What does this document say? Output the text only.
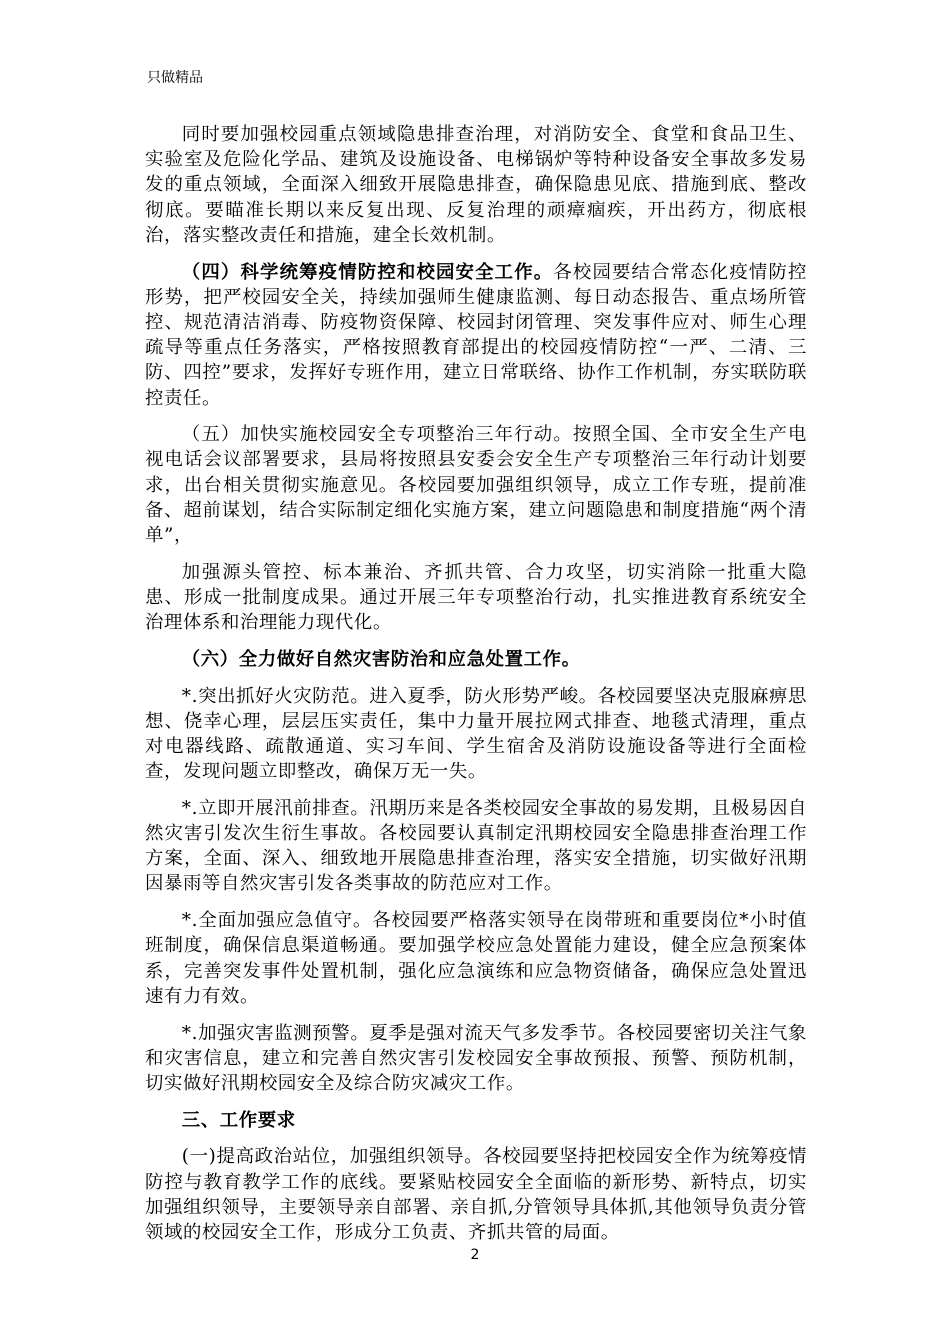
只做精品

同时要加强校园重点领域隐患排查治理，对消防安全、食堂和食品卫生、实验室及危险化学品、建筑及设施设备、电梯锅炉等特种设备安全事故多发易发的重点领域，全面深入细致开展隐患排查，确保隐患见底、措施到底、整改彻底。要瞄准长期以来反复出现、反复治理的顽瘴痼疾，开出药方，彻底根治，落实整改责任和措施，建全长效机制。

（四）科学统筹疫情防控和校园安全工作。各校园要结合常态化疫情防控形势，把严校园安全关，持续加强师生健康监测、每日动态报告、重点场所管控、规范清洁消毒、防疫物资保障、校园封闭管理、突发事件应对、师生心理疏导等重点任务落实，严格按照教育部提出的校园疫情防控“一严、二清、三防、四控”要求，发挥好专班作用，建立日常联络、协作工作机制，夯实联防联控责任。

（五）加快实施校园安全专项整治三年行动。按照全国、全市安全生产电视电话会议部署要求，县局将按照县安委会安全生产专项整治三年行动计划要求，出台相关贯彻实施意见。各校园要加强组织领导，成立工作专班，提前准备、超前谋划，结合实际制定细化实施方案，建立问题隐患和制度措施“两个清单”，

加强源头管控、标本兼治、齐抓共管、合力攻坚，切实消除一批重大隐患、形成一批制度成果。通过开展三年专项整治行动，扎实推进教育系统安全治理体系和治理能力现代化。

（六）全力做好自然灾害防治和应急处置工作。

*.突出抓好火灾防范。进入夏季，防火形势严峻。各校园要坚决克服麻痹思想、侥幸心理，层层压实责任，集中力量开展拉网式排查、地毯式清理，重点对电器线路、疏散通道、实习车间、学生宿舍及消防设施设备等进行全面检查，发现问题立即整改，确保万无一失。

*.立即开展汛前排查。汛期历来是各类校园安全事故的易发期，且极易因自然灾害引发次生衍生事故。各校园要认真制定汛期校园安全隐患排查治理工作方案，全面、深入、细致地开展隐患排查治理，落实安全措施，切实做好汛期因暴雨等自然灾害引发各类事故的防范应对工作。

*.全面加强应急值守。各校园要严格落实领导在岗带班和重要岗位*小时值班制度，确保信息渠道畅通。要加强学校应急处置能力建设，健全应急预案体系，完善突发事件处置机制，强化应急演练和应急物资储备，确保应急处置迅速有力有效。

*.加强灾害监测预警。夏季是强对流天气多发季节。各校园要密切关注气象和灾害信息，建立和完善自然灾害引发校园安全事故预报、预警、预防机制，切实做好汛期校园安全及综合防灾减灾工作。

三、工作要求

(一)提高政治站位，加强组织领导。各校园要坚持把校园安全作为统筹疫情防控与教育教学工作的底线。要紧贴校园安全全面临的新形势、新特点，切实加强组织领导，主要领导亲自部署、亲自抓,分管领导具体抓,其他领导负责分管领域的校园安全工作，形成分工负责、齐抓共管的局面。

2
